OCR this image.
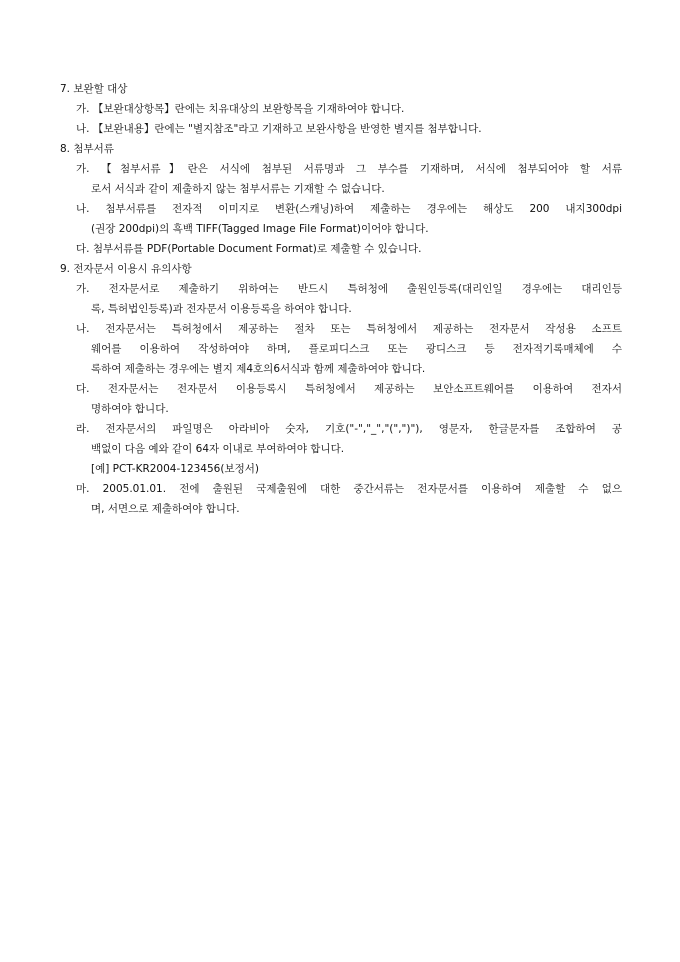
7. 보완할 대상
가. 【보완대상항목】란에는 치유대상의 보완항목을 기재하여야 합니다.
나. 【보완내용】란에는 "별지참조"라고 기재하고 보완사항을 반영한 별지를 첨부합니다.
8. 첨부서류
가. 【첨부서류】란은 서식에 첨부된 서류명과 그 부수를 기재하며, 서식에 첨부되어야 할 서류
로서 서식과 같이 제출하지 않는 첨부서류는 기재할 수 없습니다.
나. 첨부서류를 전자적 이미지로 변환(스캐닝)하여 제출하는 경우에는 해상도 200 내지300dpi
(권장 200dpi)의 흑백 TIFF(Tagged Image File Format)이어야 합니다.
다. 첨부서류를 PDF(Portable Document Format)로 제출할 수 있습니다.
9. 전자문서 이용시 유의사항
가. 전자문서로 제출하기 위하여는 반드시 특허청에 출원인등록(대리인일 경우에는 대리인등
록, 특허법인등록)과 전자문서 이용등록을 하여야 합니다.
나. 전자문서는 특허청에서 제공하는 절차 또는 특허청에서 제공하는 전자문서 작성용 소프트
웨어를 이용하여 작성하여야 하며, 플로피디스크 또는 광디스크 등 전자적기록매체에 수
록하여 제출하는 경우에는 별지 제4호의6서식과 함께 제출하여야 합니다.
다. 전자문서는 전자문서 이용등록시 특허청에서 제공하는 보안소프트웨어를 이용하여 전자서
명하여야 합니다.
라. 전자문서의 파일명은 아라비아 숫자, 기호("-","_","(",")"), 영문자, 한글문자를 조합하여 공
백없이 다음 예와 같이 64자 이내로 부여하여야 합니다.
[예] PCT-KR2004-123456(보정서)
마. 2005.01.01. 전에 출원된 국제출원에 대한 중간서류는 전자문서를 이용하여 제출할 수 없으
며, 서면으로 제출하여야 합니다.
